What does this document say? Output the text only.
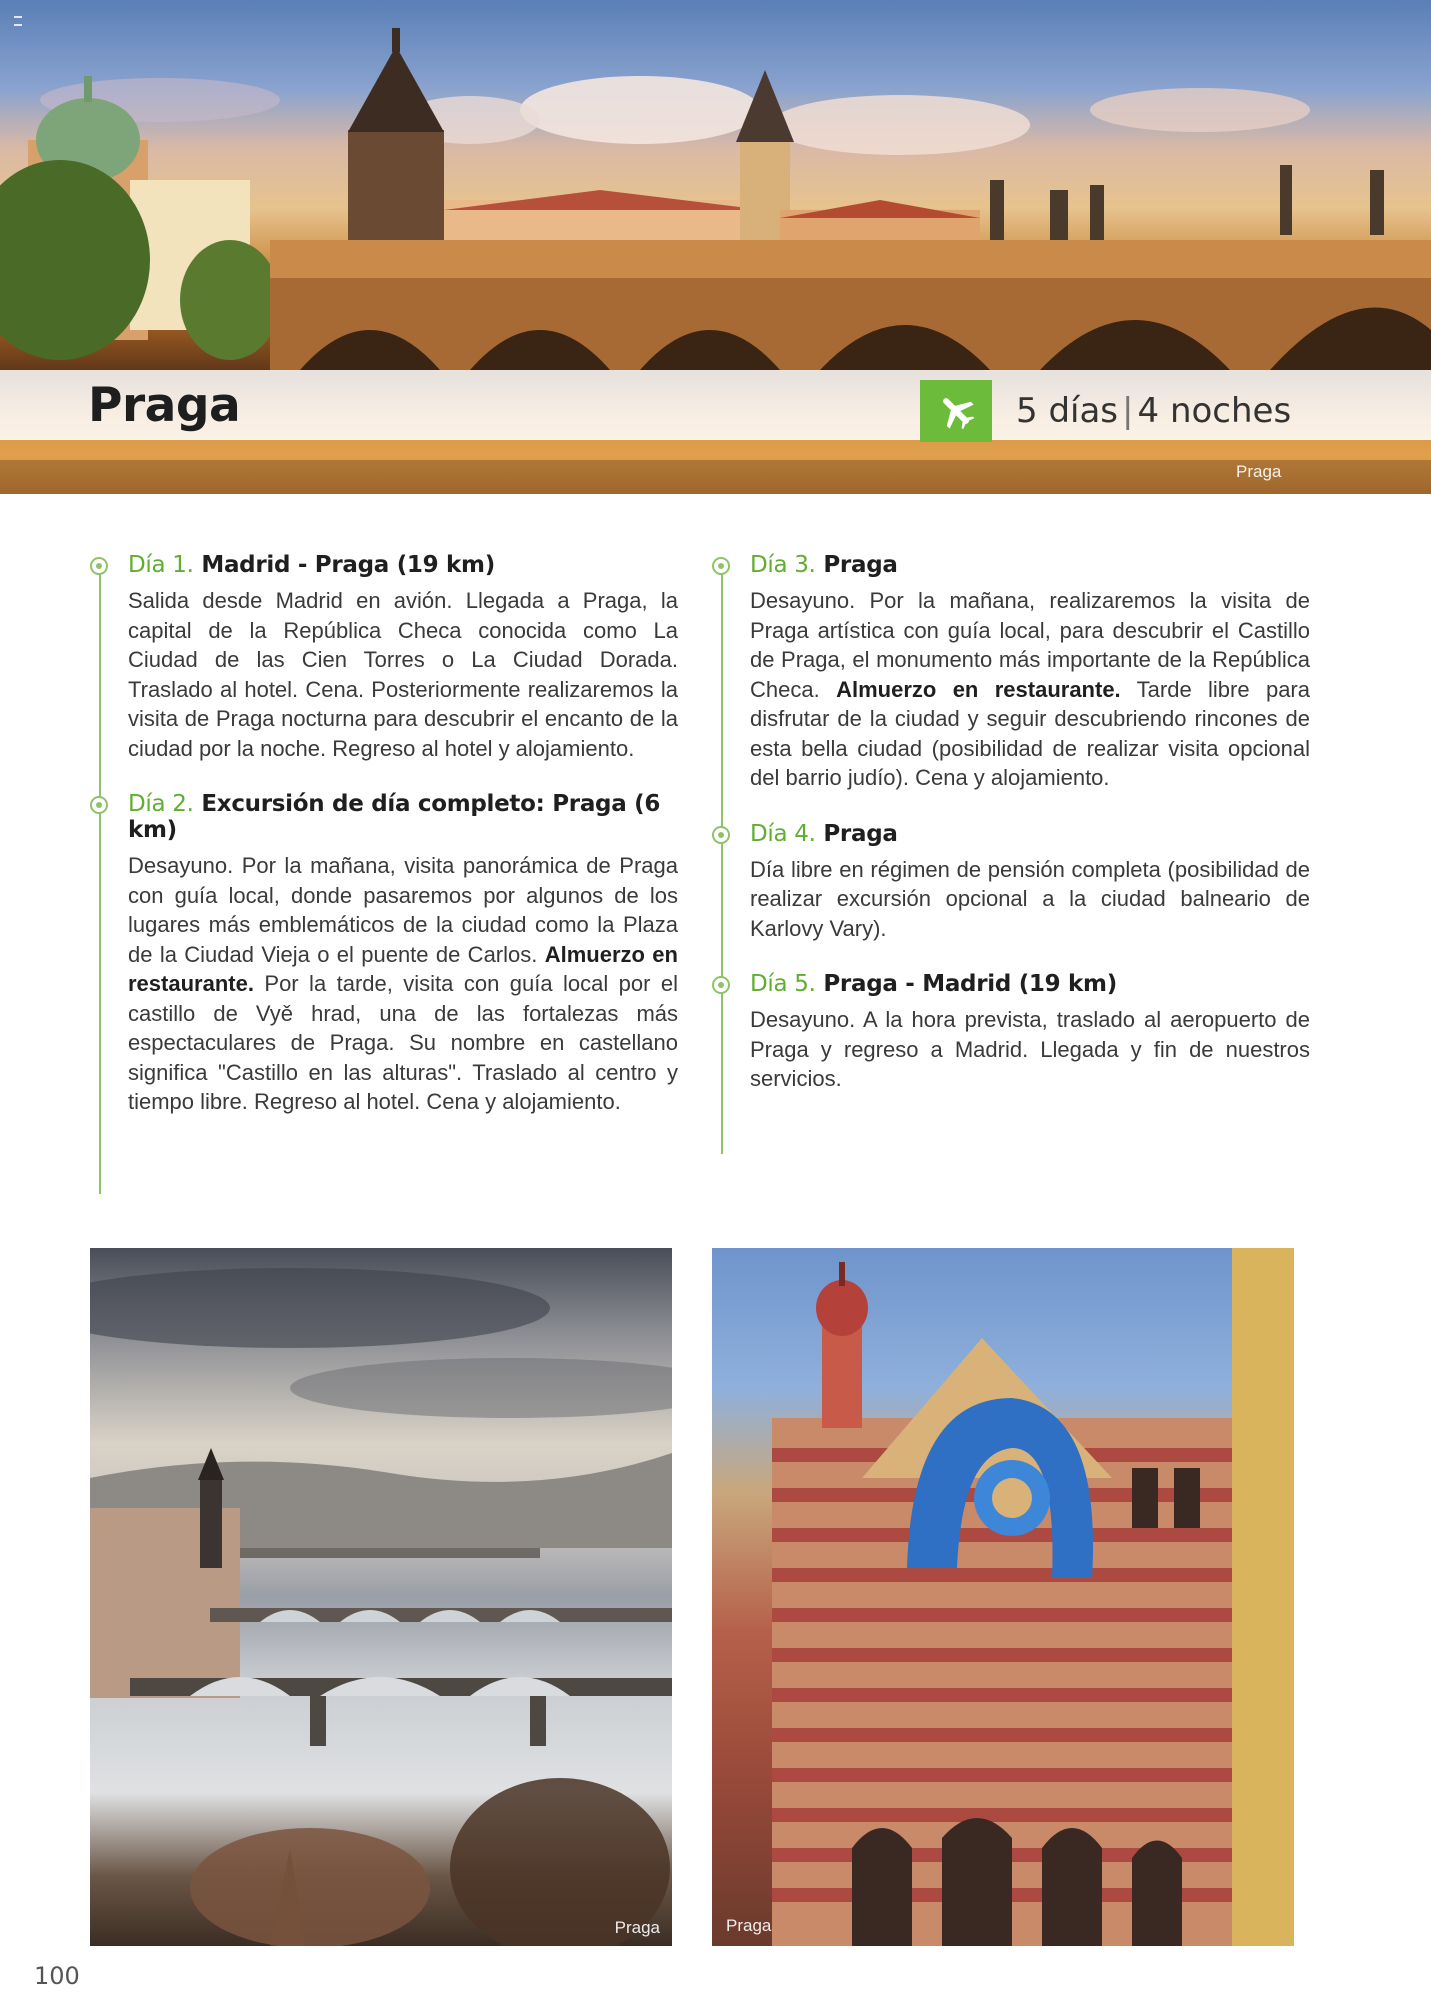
Praga	5 días | 4 noches
Praga
Día 1. Madrid - Praga (19 km)

Salida desde Madrid en avión. Llegada a Praga, la capital de la República Checa conocida como La Ciudad de las Cien Torres o La Ciudad Dorada. Traslado al hotel. Cena. Posteriormente realizaremos la visita de Praga nocturna para descubrir el encanto de la ciudad por la noche. Regreso al hotel y alojamiento.

Día 2. Excursión de día completo: Praga (6 km)

Desayuno. Por la mañana, visita panorámica de Praga con guía local, donde pasaremos por algunos de los lugares más emblemáticos de la ciudad como la Plaza de la Ciudad Vieja o el puente de Carlos. Almuerzo en restaurante. Por la tarde, visita con guía local por el castillo de Vyě hrad, una de las fortalezas más espectaculares de Praga. Su nombre en castellano significa "Castillo en las alturas". Traslado al centro y tiempo libre. Regreso al hotel. Cena y alojamiento.

Día 3. Praga

Desayuno. Por la mañana, realizaremos la visita de Praga artística con guía local, para descubrir el Castillo de Praga, el monumento más importante de la República Checa. Almuerzo en restaurante. Tarde libre para disfrutar de la ciudad y seguir descubriendo rincones de esta bella ciudad (posibilidad de realizar visita opcional del barrio judío). Cena y alojamiento.

Día 4. Praga

Día libre en régimen de pensión completa (posibilidad de realizar excursión opcional a la ciudad balneario de Karlovy Vary).

Día 5. Praga - Madrid (19 km)

Desayuno. A la hora prevista, traslado al aeropuerto de Praga y regreso a Madrid. Llegada y fin de nuestros servicios.

Praga	Praga
100
